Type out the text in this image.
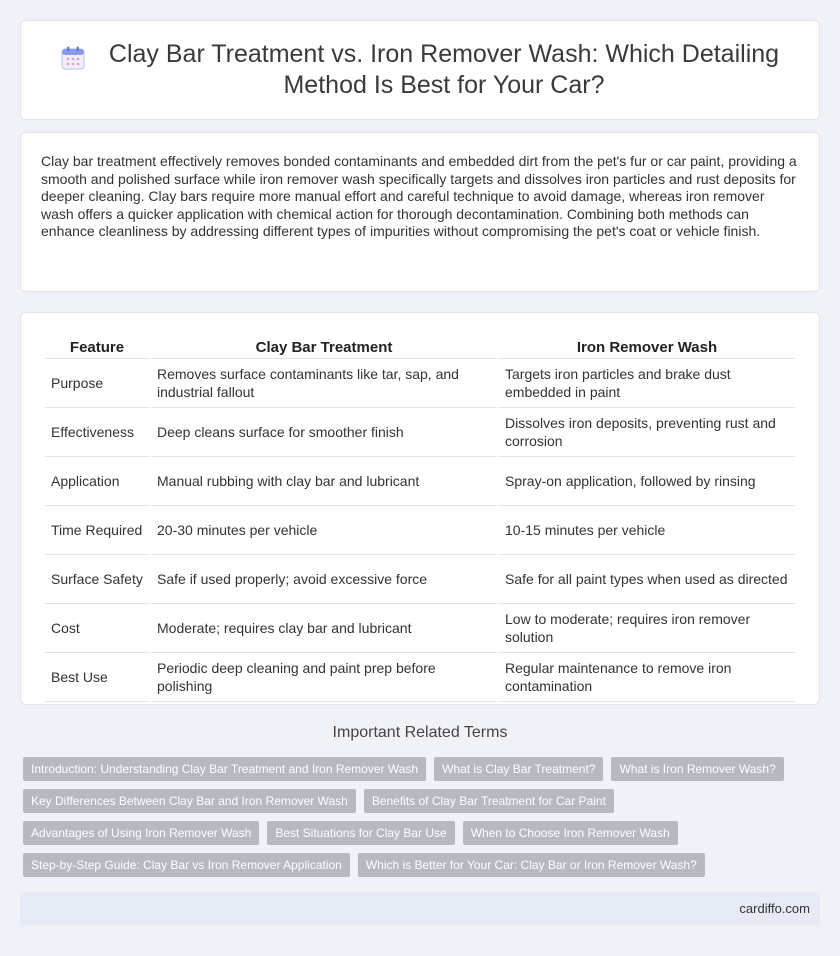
Clay Bar Treatment vs. Iron Remover Wash: Which Detailing Method Is Best for Your Car?

Clay bar treatment effectively removes bonded contaminants and embedded dirt from the pet's fur or car paint, providing a smooth and polished surface while iron remover wash specifically targets and dissolves iron particles and rust deposits for deeper cleaning. Clay bars require more manual effort and careful technique to avoid damage, whereas iron remover wash offers a quicker application with chemical action for thorough decontamination. Combining both methods can enhance cleanliness by addressing different types of impurities without compromising the pet's coat or vehicle finish.

Feature	Clay Bar Treatment	Iron Remover Wash
Purpose	Removes surface contaminants like tar, sap, and industrial fallout	Targets iron particles and brake dust embedded in paint
Effectiveness	Deep cleans surface for smoother finish	Dissolves iron deposits, preventing rust and corrosion
Application	Manual rubbing with clay bar and lubricant	Spray-on application, followed by rinsing
Time Required	20-30 minutes per vehicle	10-15 minutes per vehicle
Surface Safety	Safe if used properly; avoid excessive force	Safe for all paint types when used as directed
Cost	Moderate; requires clay bar and lubricant	Low to moderate; requires iron remover solution
Best Use	Periodic deep cleaning and paint prep before polishing	Regular maintenance to remove iron contamination
Important Related Terms
Introduction: Understanding Clay Bar Treatment and Iron Remover Wash	What is Clay Bar Treatment?	What is Iron Remover Wash?
Key Differences Between Clay Bar and Iron Remover Wash	Benefits of Clay Bar Treatment for Car Paint
Advantages of Using Iron Remover Wash	Best Situations for Clay Bar Use	When to Choose Iron Remover Wash
Step-by-Step Guide: Clay Bar vs Iron Remover Application	Which is Better for Your Car: Clay Bar or Iron Remover Wash?
cardiffo.com
